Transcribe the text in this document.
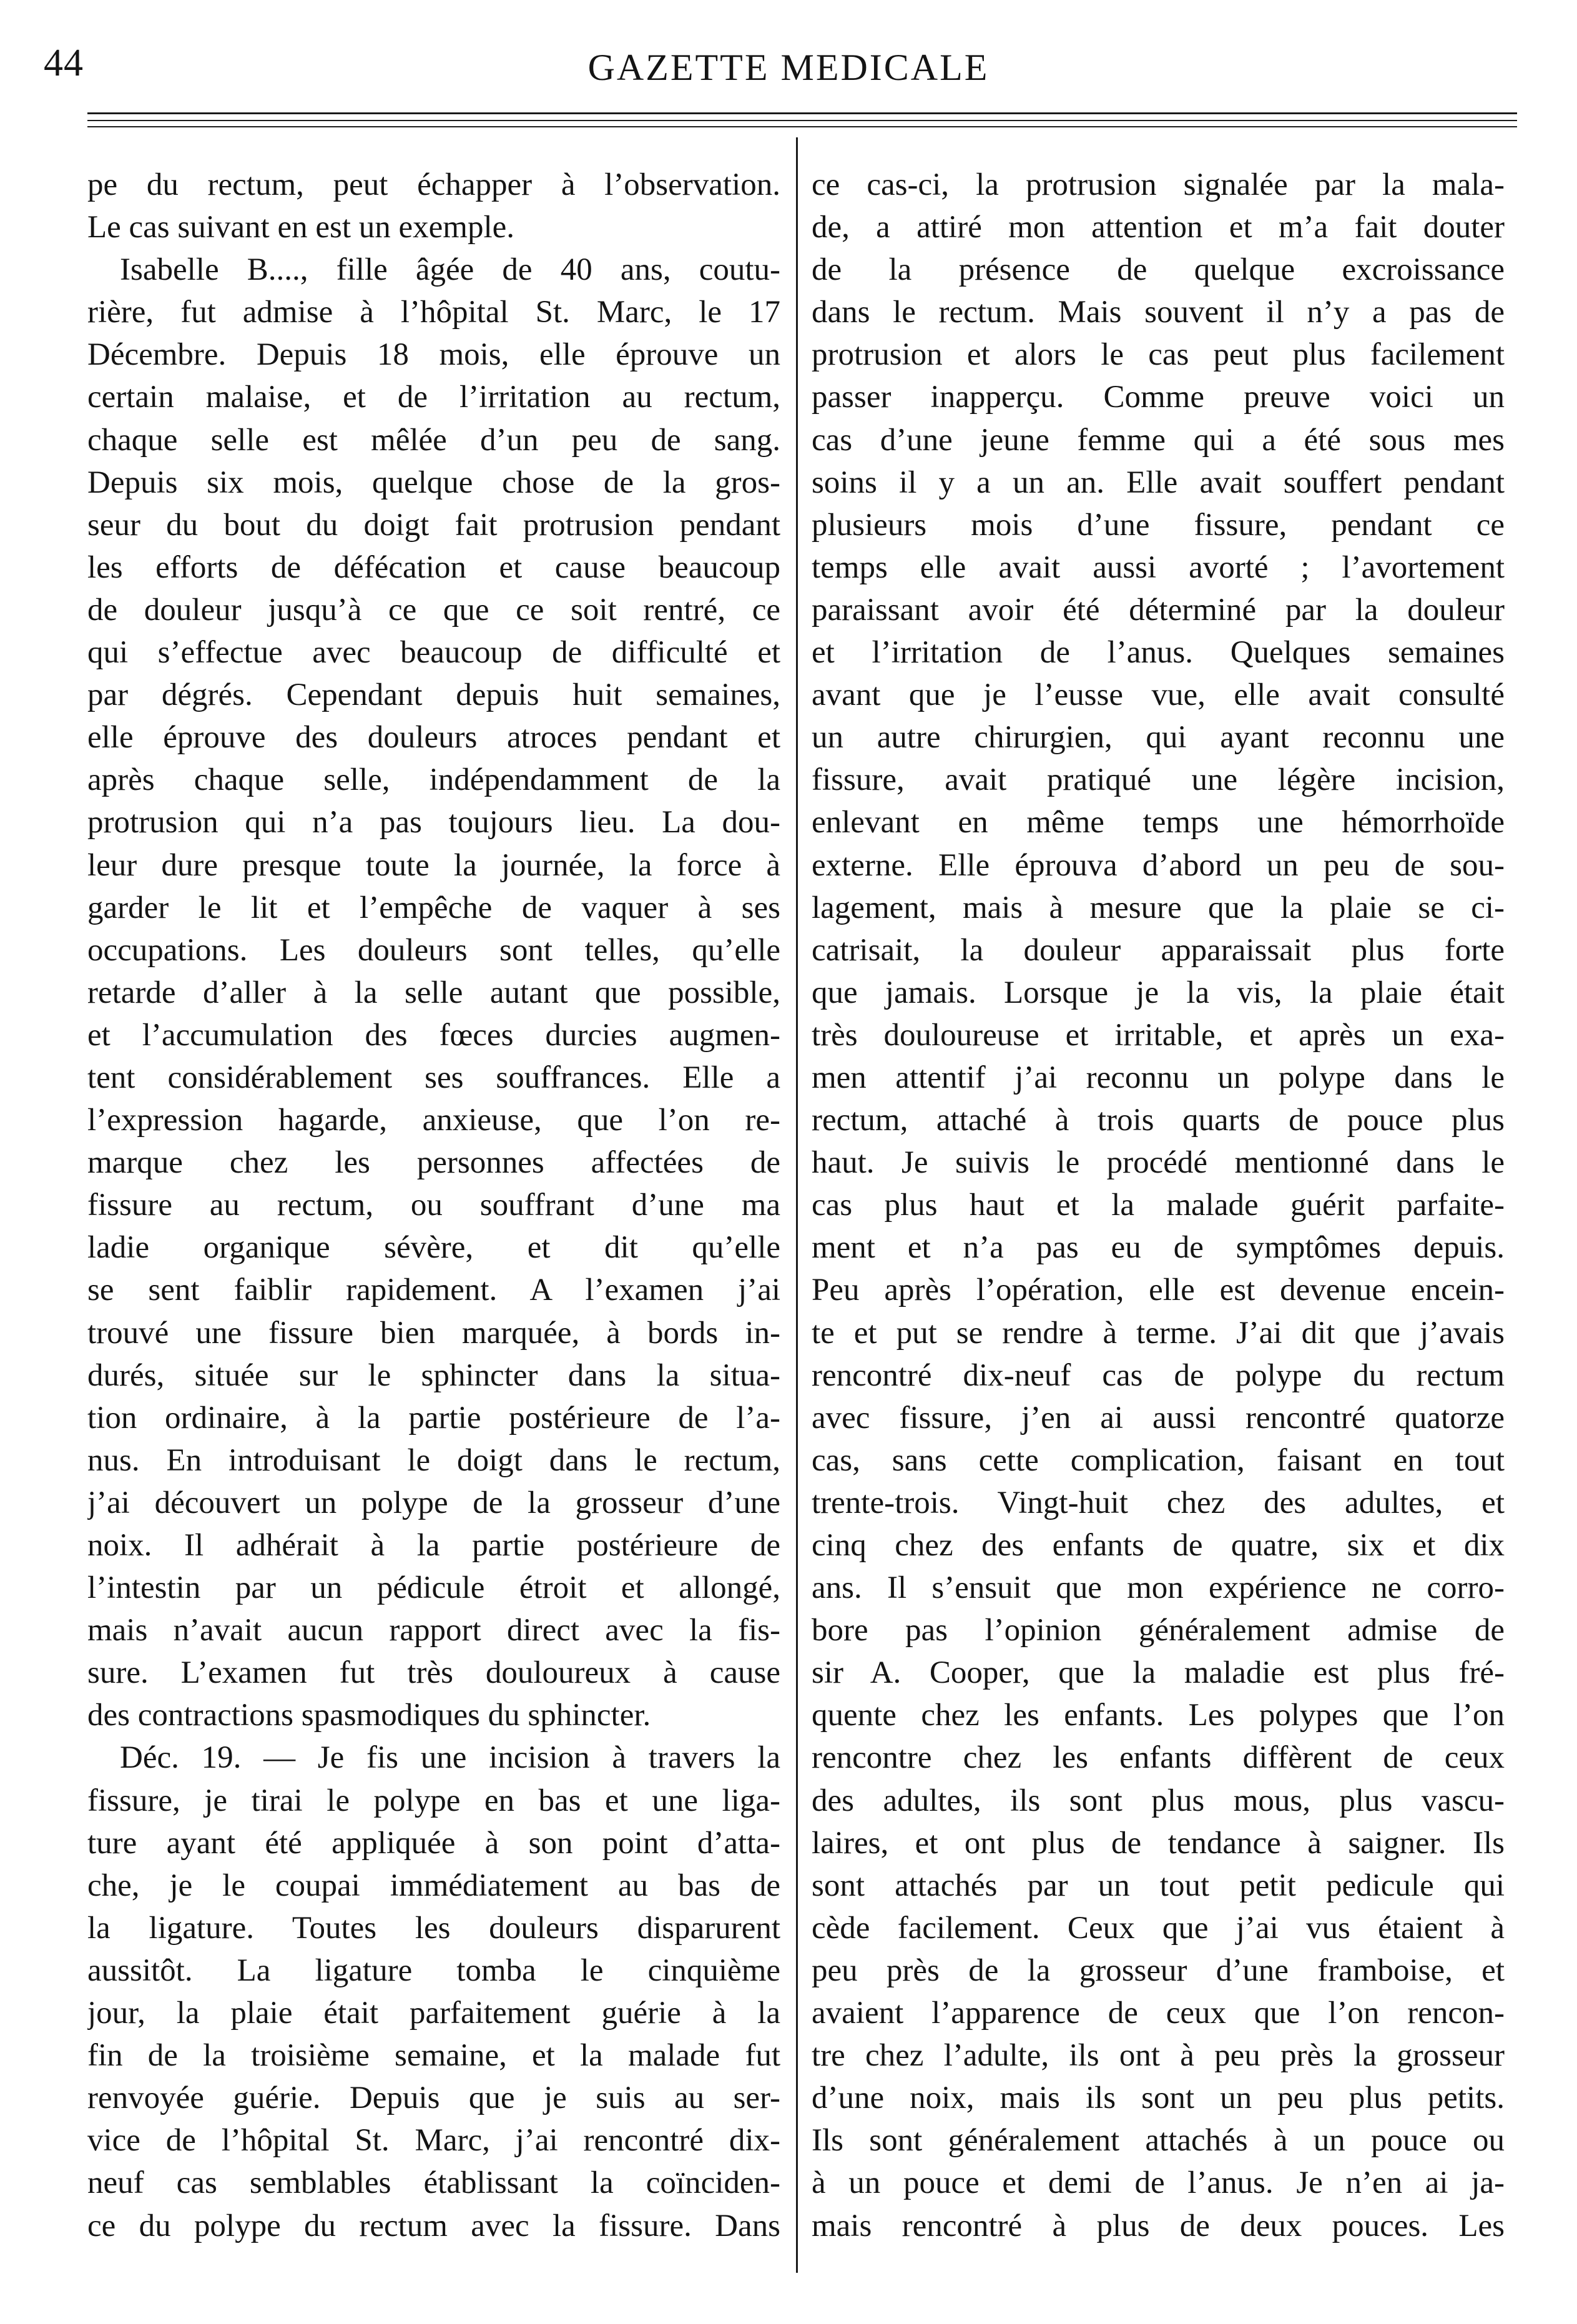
44	GAZETTE MEDICALE
pe du rectum, peut échapper à l’observation.
Le cas suivant en est un exemple.
Isabelle B...., fille âgée de 40 ans, coutu-
rière, fut admise à l’hôpital St. Marc, le 17
Décembre. Depuis 18 mois, elle éprouve un
certain malaise, et de l’irritation au rectum,
chaque selle est mêlée d’un peu de sang.
Depuis six mois, quelque chose de la gros-
seur du bout du doigt fait protrusion pendant
les efforts de défécation et cause beaucoup
de douleur jusqu’à ce que ce soit rentré, ce
qui s’effectue avec beaucoup de difficulté et
par dégrés. Cependant depuis huit semaines,
elle éprouve des douleurs atroces pendant et
après chaque selle, indépendamment de la
protrusion qui n’a pas toujours lieu. La dou-
leur dure presque toute la journée, la force à
garder le lit et l’empêche de vaquer à ses
occupations. Les douleurs sont telles, qu’elle
retarde d’aller à la selle autant que possible,
et l’accumulation des fœces durcies augmen-
tent considérablement ses souffrances. Elle a
l’expression hagarde, anxieuse, que l’on re-
marque chez les personnes affectées de
fissure au rectum, ou souffrant d’une ma
ladie organique sévère, et dit qu’elle
se sent faiblir rapidement. A l’examen j’ai
trouvé une fissure bien marquée, à bords in-
durés, située sur le sphincter dans la situa-
tion ordinaire, à la partie postérieure de l’a-
nus. En introduisant le doigt dans le rectum,
j’ai découvert un polype de la grosseur d’une
noix. Il adhérait à la partie postérieure de
l’intestin par un pédicule étroit et allongé,
mais n’avait aucun rapport direct avec la fis-
sure. L’examen fut très douloureux à cause
des contractions spasmodiques du sphincter.
Déc. 19. — Je fis une incision à travers la
fissure, je tirai le polype en bas et une liga-
ture ayant été appliquée à son point d’atta-
che, je le coupai immédiatement au bas de
la ligature. Toutes les douleurs disparurent
aussitôt. La ligature tomba le cinquième
jour, la plaie était parfaitement guérie à la
fin de la troisième semaine, et la malade fut
renvoyée guérie. Depuis que je suis au ser-
vice de l’hôpital St. Marc, j’ai rencontré dix-
neuf cas semblables établissant la coïnciden-
ce du polype du rectum avec la fissure. Dans
ce cas-ci, la protrusion signalée par la mala-
de, a attiré mon attention et m’a fait douter
de la présence de quelque excroissance
dans le rectum. Mais souvent il n’y a pas de
protrusion et alors le cas peut plus facilement
passer inapperçu. Comme preuve voici un
cas d’une jeune femme qui a été sous mes
soins il y a un an. Elle avait souffert pendant
plusieurs mois d’une fissure, pendant ce
temps elle avait aussi avorté ; l’avortement
paraissant avoir été déterminé par la douleur
et l’irritation de l’anus. Quelques semaines
avant que je l’eusse vue, elle avait consulté
un autre chirurgien, qui ayant reconnu une
fissure, avait pratiqué une légère incision,
enlevant en même temps une hémorrhoïde
externe. Elle éprouva d’abord un peu de sou-
lagement, mais à mesure que la plaie se ci-
catrisait, la douleur apparaissait plus forte
que jamais. Lorsque je la vis, la plaie était
très douloureuse et irritable, et après un exa-
men attentif j’ai reconnu un polype dans le
rectum, attaché à trois quarts de pouce plus
haut. Je suivis le procédé mentionné dans le
cas plus haut et la malade guérit parfaite-
ment et n’a pas eu de symptômes depuis.
Peu après l’opération, elle est devenue encein-
te et put se rendre à terme. J’ai dit que j’avais
rencontré dix-neuf cas de polype du rectum
avec fissure, j’en ai aussi rencontré quatorze
cas, sans cette complication, faisant en tout
trente-trois. Vingt-huit chez des adultes, et
cinq chez des enfants de quatre, six et dix
ans. Il s’ensuit que mon expérience ne corro-
bore pas l’opinion généralement admise de
sir A. Cooper, que la maladie est plus fré-
quente chez les enfants. Les polypes que l’on
rencontre chez les enfants diffèrent de ceux
des adultes, ils sont plus mous, plus vascu-
laires, et ont plus de tendance à saigner. Ils
sont attachés par un tout petit pedicule qui
cède facilement. Ceux que j’ai vus étaient à
peu près de la grosseur d’une framboise, et
avaient l’apparence de ceux que l’on rencon-
tre chez l’adulte, ils ont à peu près la grosseur
d’une noix, mais ils sont un peu plus petits.
Ils sont généralement attachés à un pouce ou
à un pouce et demi de l’anus. Je n’en ai ja-
mais rencontré à plus de deux pouces. Les
